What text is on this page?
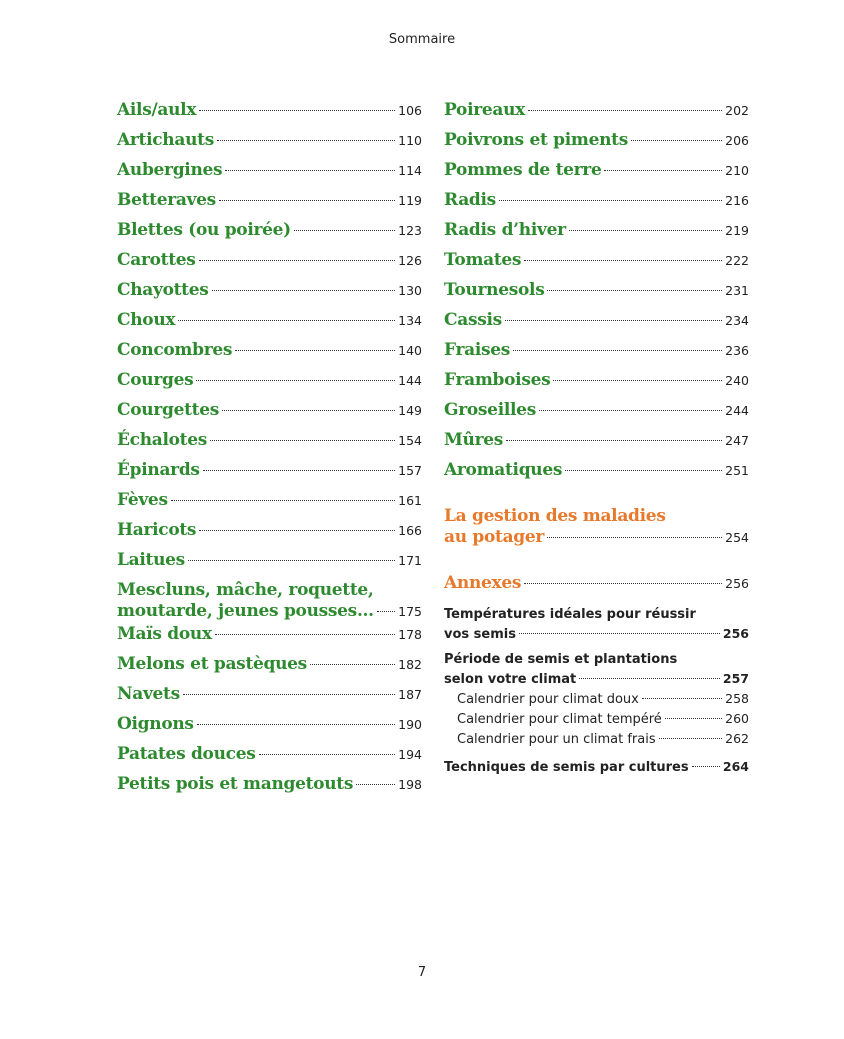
Sommaire
Ails/aulx	106
Artichauts	110
Aubergines	114
Betteraves	119
Blettes (ou poirée)	123
Carottes	126
Chayottes	130
Choux	134
Concombres	140
Courges	144
Courgettes	149
Échalotes	154
Épinards	157
Fèves	161
Haricots	166
Laitues	171
Mescluns, mâche, roquette,
moutarde, jeunes pousses… 175
Maïs doux	178
Melons et pastèques	182
Navets	187
Oignons	190
Patates douces	194
Petits pois et mangetouts	198
Poireaux	202
Poivrons et piments	206
Pommes de terre	210
Radis	216
Radis d’hiver	219
Tomates	222
Tournesols	231
Cassis	234
Fraises	236
Framboises	240
Groseilles	244
Mûres	247
Aromatiques	251
La gestion des maladies
au potager	254
Annexes	256
Températures idéales pour réussir
vos semis	256
Période de semis et plantations
selon votre climat	257
Calendrier pour climat doux	258
Calendrier pour climat tempéré	260
Calendrier pour un climat frais	262
Techniques de semis par cultures	264
7
